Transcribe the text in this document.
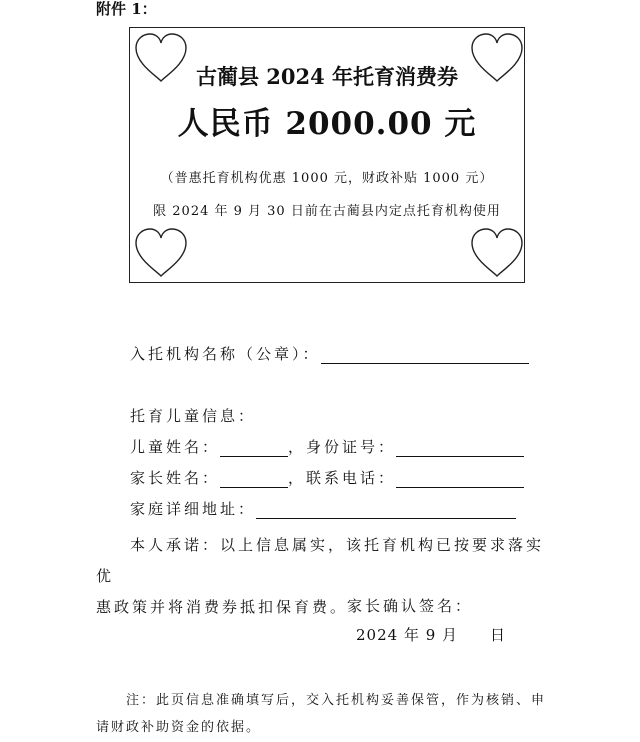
附件 1：
古蔺县 2024 年托育消费券
人民币 2000.00 元
（普惠托育机构优惠 1000 元，财政补贴 1000 元）
限 2024 年 9 月 30 日前在古蔺县内定点托育机构使用
入托机构名称（公章）：
托育儿童信息：
儿童姓名：	，身份证号：
家长姓名：	，联系电话：
家庭详细地址：
本人承诺：以上信息属实，该托育机构已按要求落实优
惠政策并将消费券抵扣保育费。
家长确认签名：
2024 年 9 月　　日
注：此页信息准确填写后，交入托机构妥善保管，作为核销、申
请财政补助资金的依据。
